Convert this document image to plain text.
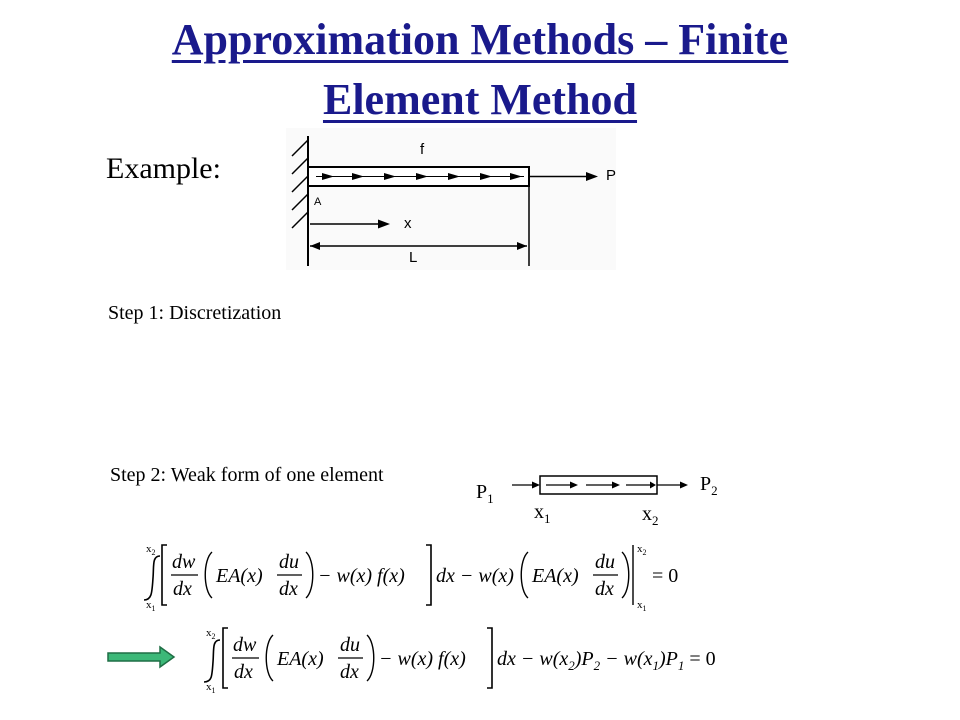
Approximation Methods – Finite
Element Method
Example:
Step 1: Discretization
Step 2: Weak form of one element
f
P
A
x
L
$P_1$
$P_2$
$x_1$	$x_2$
$x_2$
$x_1$
dw
dx
EA(x)
du
dx
− w(x) f(x) dx − w(x) EA(x)
du
dx
$x_2$
$x_1$
= 0
$x_2$
$x_1$
dw
dx
EA(x)
du
dx
− w(x) f(x) dx − $w(x_2)P_2 - w(x_1)P_1 = 0$
